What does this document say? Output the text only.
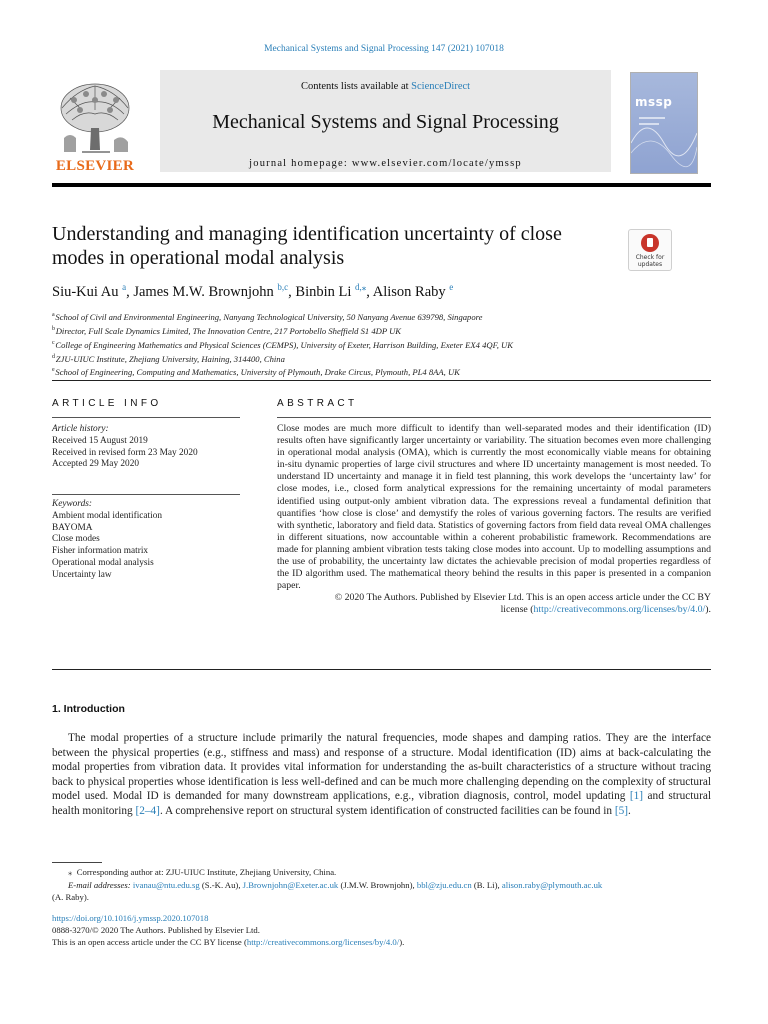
Mechanical Systems and Signal Processing 147 (2021) 107018
Contents lists available at ScienceDirect
Mechanical Systems and Signal Processing
journal homepage: www.elsevier.com/locate/ymssp
ELSEVIER
mssp
Understanding and managing identification uncertainty of close modes in operational modal analysis	Check for
updates
Siu-Kui Au $^a$, James M.W. Brownjohn $^{b,c}$, Binbin Li $^{d,⁎}$, Alison Raby $^e$
$^a$ School of Civil and Environmental Engineering, Nanyang Technological University, 50 Nanyang Avenue 639798, Singapore
$^b$ Director, Full Scale Dynamics Limited, The Innovation Centre, 217 Portobello Sheffield S1 4DP UK
$^c$ College of Engineering Mathematics and Physical Sciences (CEMPS), University of Exeter, Harrison Building, Exeter EX4 4QF, UK
$^d$ ZJU-UIUC Institute, Zhejiang University, Haining, 314400, China
$^e$ School of Engineering, Computing and Mathematics, University of Plymouth, Drake Circus, Plymouth, PL4 8AA, UK
ARTICLE INFO
Article history:
Received 15 August 2019
Received in revised form 23 May 2020
Accepted 29 May 2020
Keywords:
Ambient modal identification
BAYOMA
Close modes
Fisher information matrix
Operational modal analysis
Uncertainty law
ABSTRACT

Close modes are much more difficult to identify than well-separated modes and their identification (ID) results often have significantly larger uncertainty or variability. The situation becomes even more challenging in operational modal analysis (OMA), which is currently the most economically viable means for obtaining in-situ dynamic properties of large civil structures and where ID uncertainty management is most needed. To understand ID uncertainty and manage it in field test planning, this work develops the ‘uncertainty law’ for close modes, i.e., closed form analytical expressions for the remaining uncertainty of modal parameters identified using output-only ambient vibration data. The expressions reveal a fundamental definition that quantifies ‘how close is close’ and demystify the roles of various governing factors. The results are verified with synthetic, laboratory and field data. Statistics of governing factors from field data reveal OMA challenges in different situations, now accountable within a coherent probabilistic framework. Recommendations are made for planning ambient vibration tests taking close modes into account. Up to modelling assumptions and the use of probability, the uncertainty law dictates the achievable precision of modal properties regardless of the ID algorithm used. The mathematical theory behind the results in this paper is presented in a companion paper.

© 2020 The Authors. Published by Elsevier Ltd. This is an open access article under the CC BY
license (http://creativecommons.org/licenses/by/4.0/).
1. Introduction
The modal properties of a structure include primarily the natural frequencies, mode shapes and damping ratios. They are the interface between the physical properties (e.g., stiffness and mass) and response of a structure. Modal identification (ID) aims at back-calculating the modal properties from vibration data. It provides vital information for understanding the as-built characteristics of a structure without tracing back to physical properties whose identification is less well-defined and can be much more challenging depending on the complexity of structural model used. Modal ID is demanded for many downstream applications, e.g., vibration diagnosis, control, model updating [1] and structural health monitoring [2–4]. A comprehensive report on structural system identification of constructed facilities can be found in [5].
⁎ Corresponding author at: ZJU-UIUC Institute, Zhejiang University, China.
E-mail addresses: ivanau@ntu.edu.sg (S.-K. Au), J.Brownjohn@Exeter.ac.uk (J.M.W. Brownjohn), bbl@zju.edu.cn (B. Li), alison.raby@plymouth.ac.uk
(A. Raby).
https://doi.org/10.1016/j.ymssp.2020.107018
0888-3270/© 2020 The Authors. Published by Elsevier Ltd.
This is an open access article under the CC BY license (http://creativecommons.org/licenses/by/4.0/).
